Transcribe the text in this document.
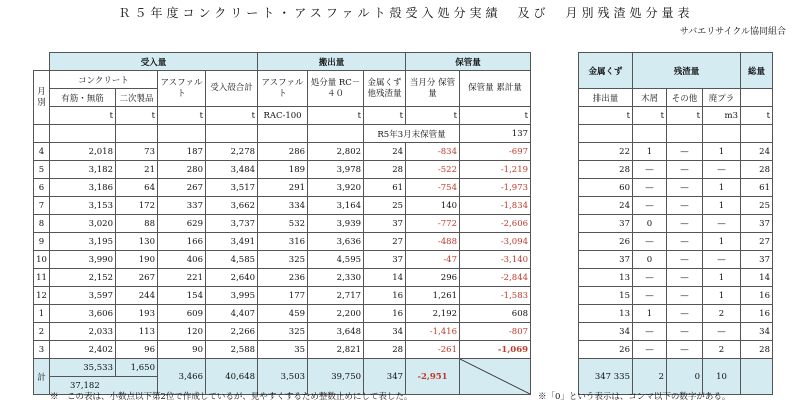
Ｒ５年度コンクリート・アスファルト殻受入処分実績　及び　月別残渣処分量表
サバエリサイクル協同組合
	受入量				搬出量			保管量	
月別	コンクリート		アスファルト	受入殻合計	アスファルト	処分量 RC－４０	金属くず 他残渣量	当月分 保管量	保管量 累計量
	有筋・無筋	二次製品							
	t	t	t	t	RAC-100	t	t	t	t
							R5年3月末保管量		137
4	2,018	73	187	2,278	286	2,802	24	-834	-697
5	3,182	21	280	3,484	189	3,978	28	-522	-1,219
6	3,186	64	267	3,517	291	3,920	61	-754	-1,973
7	3,153	172	337	3,662	334	3,164	25	140	-1,834
8	3,020	88	629	3,737	532	3,939	37	-772	-2,606
9	3,195	130	166	3,491	316	3,636	27	-488	-3,094
10	3,990	190	406	4,585	325	4,595	37	-47	-3,140
11	2,152	267	221	2,640	236	2,330	14	296	-2,844
12	3,597	244	154	3,995	177	2,717	16	1,261	-1,583
1	3,606	193	609	4,407	459	2,200	16	2,192	608
2	2,033	113	120	2,266	325	3,648	34	-1,416	-807
3	2,402	96	90	2,588	35	2,821	28	-261	-1,069
計	35,533	1,650	3,466	40,648	3,503	39,750	347	-2,951	

	37,182								
金属くず	残渣量			総量

排出量	木屑	その他	廃プラ	
t	t	t	m3	t

22	1	—	1	24
28	—	—	—	28
60	—	—	1	61
24	—	—	1	25
37	0	—	—	37
26	—	—	1	27
37	0	—	—	37
13	—	—	1	14
15	—	—	1	16
13	1	—	2	16
34	—	—	—	34
26	—	—	2	28
347 335	2	0	10	

※　この表は、小数点以下第2位で作成しているが、見やすくするため整数止めにして表した。	※「0」という表示は、コンマ以下の数字がある。
